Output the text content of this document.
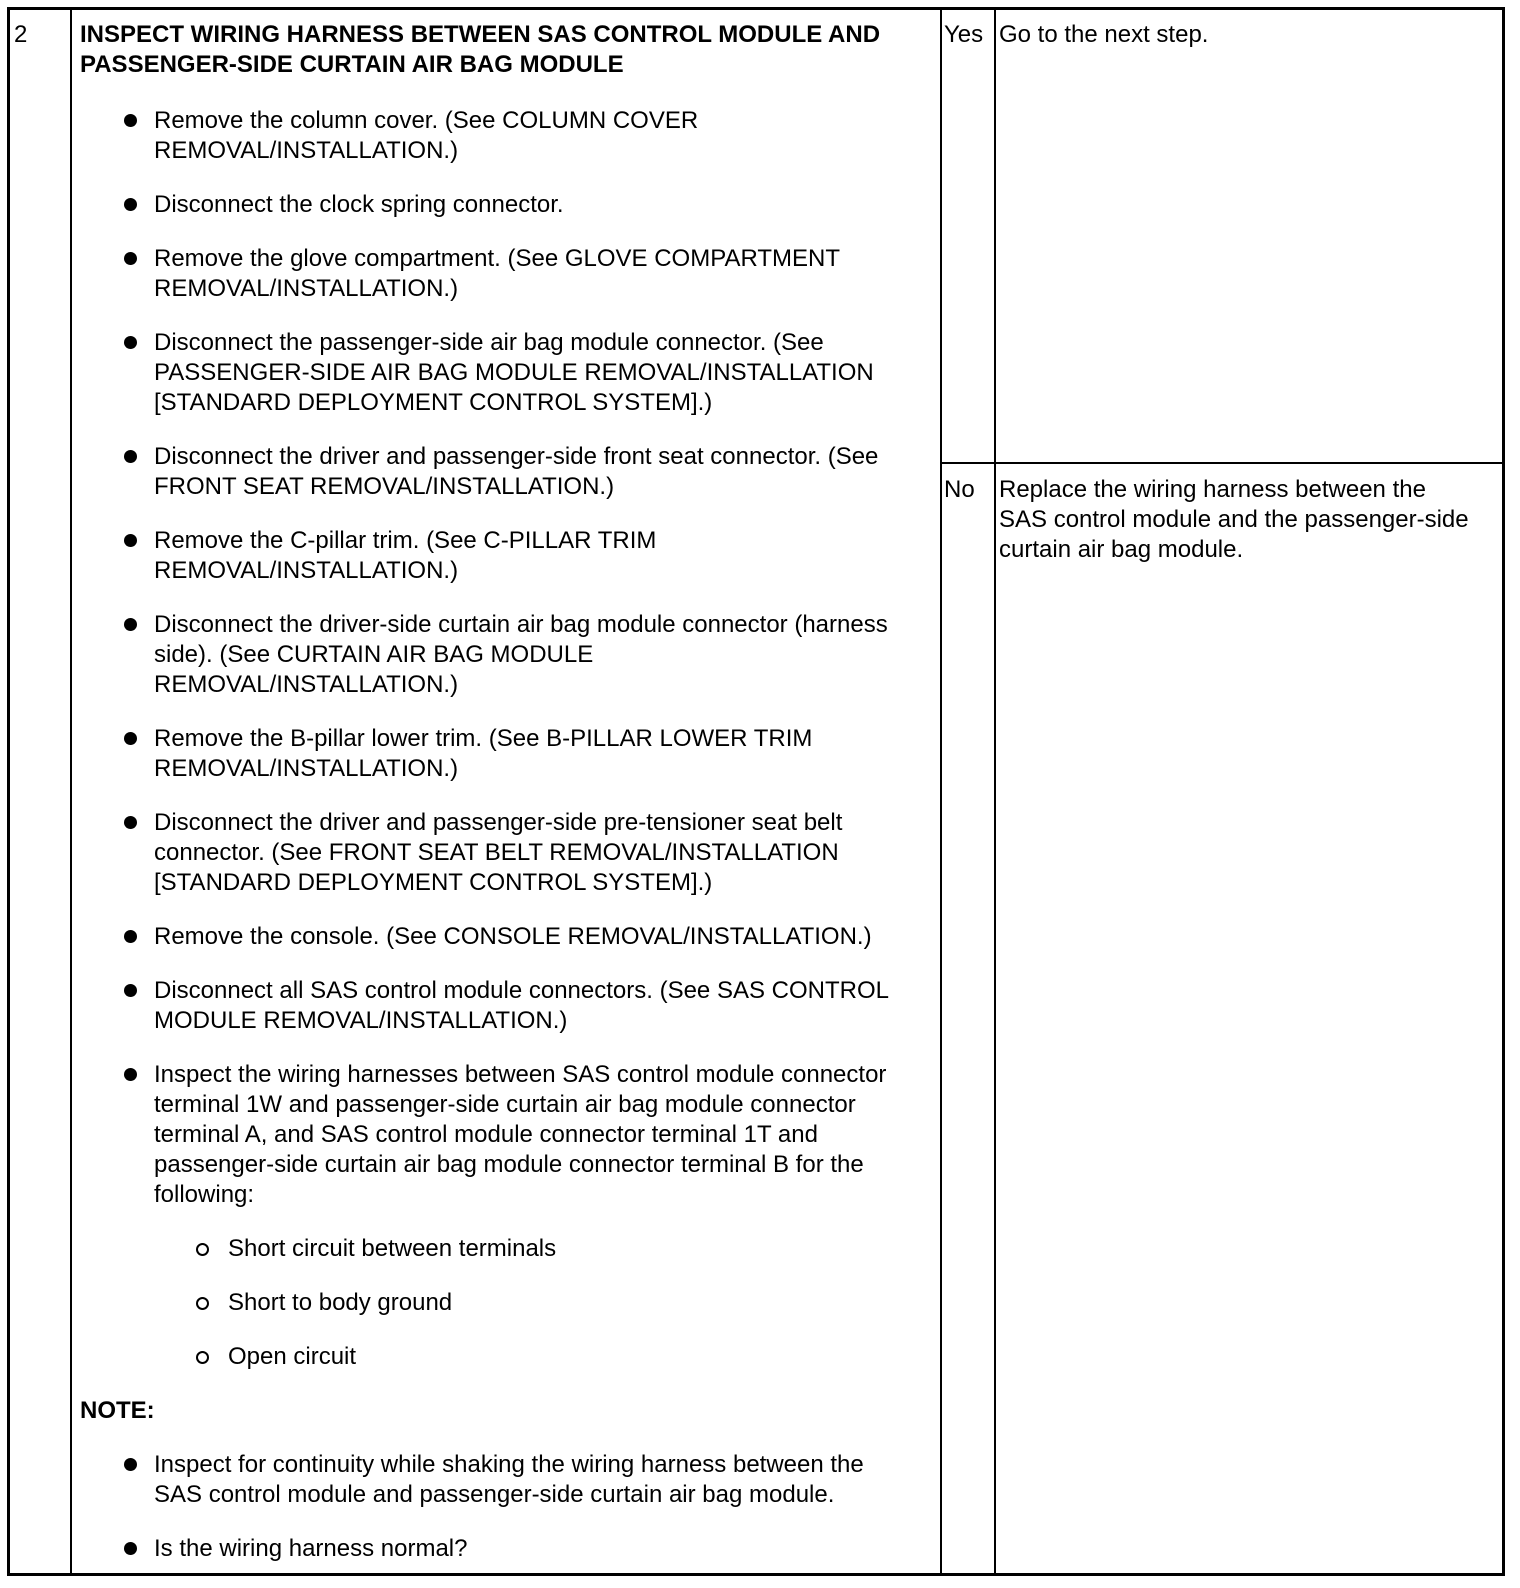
2 INSPECT WIRING HARNESS BETWEEN SAS CONTROL MODULE AND
PASSENGER-SIDE CURTAIN AIR BAG MODULE
Remove the column cover. (See COLUMN COVER
REMOVAL/INSTALLATION.)
Disconnect the clock spring connector.
Remove the glove compartment. (See GLOVE COMPARTMENT
REMOVAL/INSTALLATION.)
Disconnect the passenger-side air bag module connector. (See
PASSENGER-SIDE AIR BAG MODULE REMOVAL/INSTALLATION
[STANDARD DEPLOYMENT CONTROL SYSTEM].)
Disconnect the driver and passenger-side front seat connector. (See
FRONT SEAT REMOVAL/INSTALLATION.)
Remove the C-pillar trim. (See C-PILLAR TRIM
REMOVAL/INSTALLATION.)
Disconnect the driver-side curtain air bag module connector (harness
side). (See CURTAIN AIR BAG MODULE
REMOVAL/INSTALLATION.)
Remove the B-pillar lower trim. (See B-PILLAR LOWER TRIM
REMOVAL/INSTALLATION.)
Disconnect the driver and passenger-side pre-tensioner seat belt
connector. (See FRONT SEAT BELT REMOVAL/INSTALLATION
[STANDARD DEPLOYMENT CONTROL SYSTEM].)
Remove the console. (See CONSOLE REMOVAL/INSTALLATION.)
Disconnect all SAS control module connectors. (See SAS CONTROL
MODULE REMOVAL/INSTALLATION.)
Inspect the wiring harnesses between SAS control module connector
terminal 1W and passenger-side curtain air bag module connector
terminal A, and SAS control module connector terminal 1T and
passenger-side curtain air bag module connector terminal B for the
following:
Short circuit between terminals
Short to body ground
Open circuit
NOTE:
Inspect for continuity while shaking the wiring harness between the
SAS control module and passenger-side curtain air bag module.
Is the wiring harness normal?
Yes Go to the next step.
No Replace the wiring harness between the
SAS control module and the passenger-side
curtain air bag module.
